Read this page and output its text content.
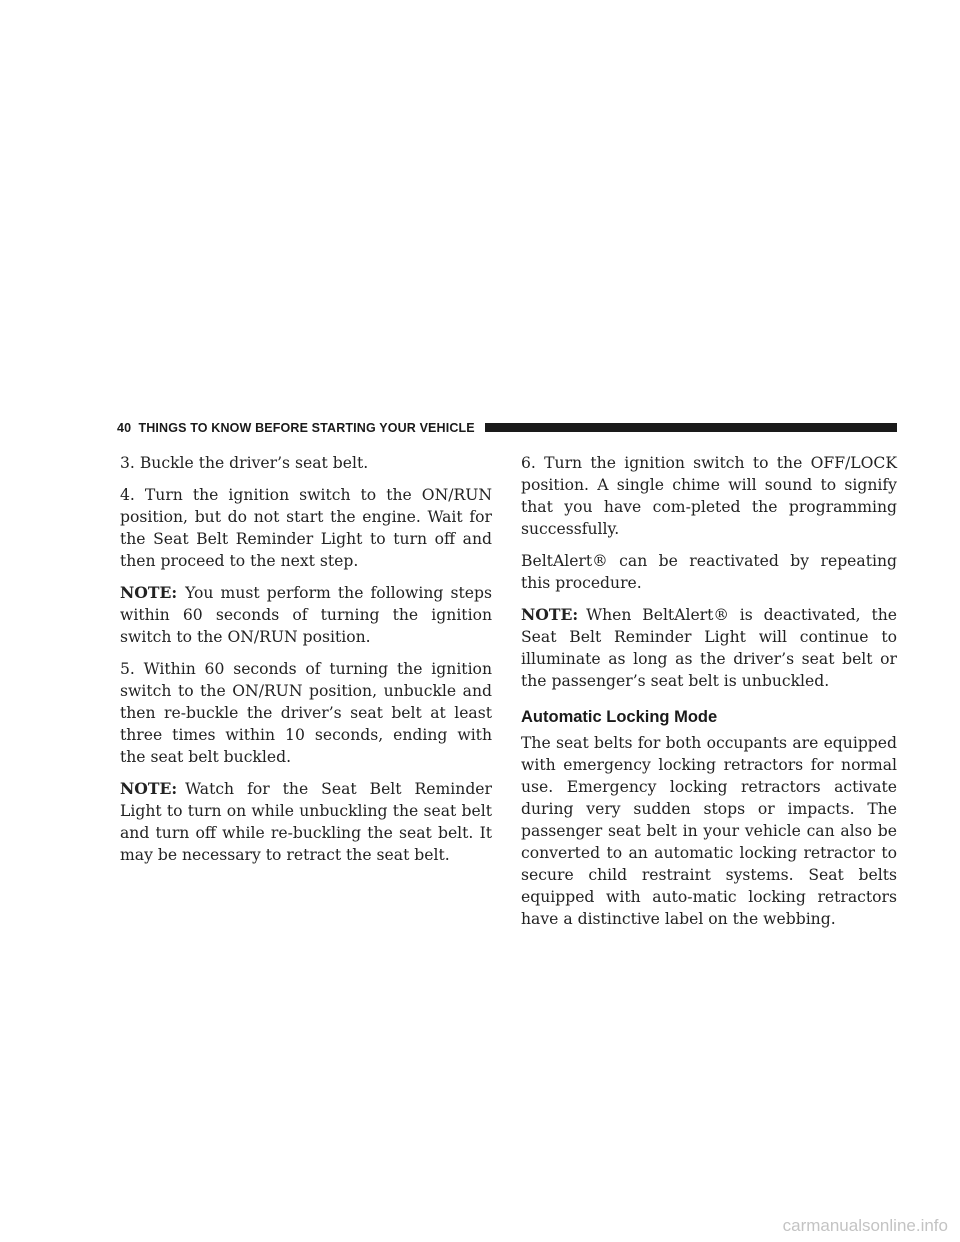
40 THINGS TO KNOW BEFORE STARTING YOUR VEHICLE

3. Buckle the driver’s seat belt.

4. Turn the ignition switch to the ON/RUN position, but do not start the engine. Wait for the Seat Belt Reminder Light to turn off and then proceed to the next step.

NOTE: You must perform the following steps within 60 seconds of turning the ignition switch to the ON/RUN position.

5. Within 60 seconds of turning the ignition switch to the ON/RUN position, unbuckle and then re-buckle the driver’s seat belt at least three times within 10 seconds, ending with the seat belt buckled.

NOTE: Watch for the Seat Belt Reminder Light to turn on while unbuckling the seat belt and turn off while re-buckling the seat belt. It may be necessary to retract the seat belt.

6. Turn the ignition switch to the OFF/LOCK position. A single chime will sound to signify that you have com-pleted the programming successfully.

BeltAlert® can be reactivated by repeating this procedure.

NOTE: When BeltAlert® is deactivated, the Seat Belt Reminder Light will continue to illuminate as long as the driver’s seat belt or the passenger’s seat belt is unbuckled.

Automatic Locking Mode

The seat belts for both occupants are equipped with emergency locking retractors for normal use. Emergency locking retractors activate during very sudden stops or impacts. The passenger seat belt in your vehicle can also be converted to an automatic locking retractor to secure child restraint systems. Seat belts equipped with auto-matic locking retractors have a distinctive label on the webbing.

carmanualsonline.info
